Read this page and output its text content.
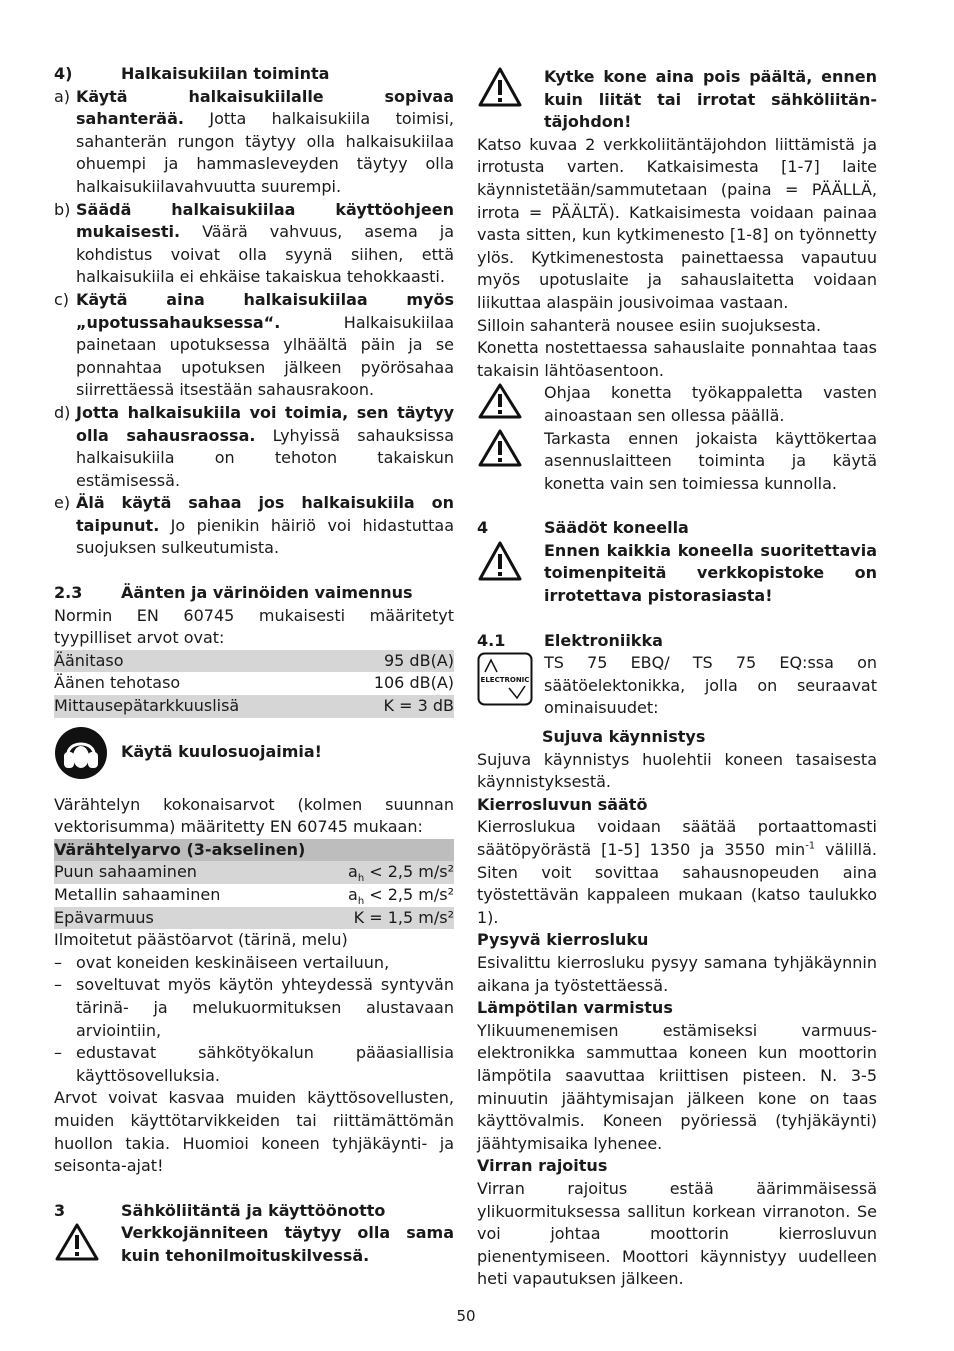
4)	Halkaisukiilan toiminta
a) Käytä halkaisukiilalle sopivaa sahanterää. Jotta halkaisukiila toimisi, sahanterän rungon täytyy olla halkaisukiilaa ohuempi ja hammasleveyden täytyy olla halkaisukiilavahvuutta suurempi.
b) Säädä halkaisukiilaa käyttöohjeen mukaisesti. Väärä vahvuus, asema ja kohdistus voivat olla syynä siihen, että halkaisukiila ei ehkäise takaiskua tehokkaasti.
c) Käytä aina halkaisukiilaa myös „upotussahauksessa“. Halkaisukiilaa painetaan upotuksessa ylhäältä päin ja se ponnahtaa upotuksen jälkeen pyörösahaa siirrettäessä itsestään sahausrakoon.
d) Jotta halkaisukiila voi toimia, sen täytyy olla sahausraossa. Lyhyissä sahauksissa halkaisukiila on tehoton takaiskun estämisessä.
e) Älä käytä sahaa jos halkaisukiila on taipunut. Jo pienikin häiriö voi hidastuttaa suojuksen sulkeutumista.
2.3	Äänten ja värinöiden vaimennus

Normin EN 60745 mukaisesti määritetyt tyypilliset arvot ovat:

Äänitaso	95 dB(A)
Äänen tehotaso	106 dB(A)
Mittausepätarkkuuslisä	K = 3 dB
Käytä kuulosuojaimia!

Värähtelyn kokonaisarvot (kolmen suunnan vektorisumma) määritetty EN 60745 mukaan:

Värähtelyarvo (3-akselinen)
Puun sahaaminen	$a_h < 2,5$ m/s²
Metallin sahaaminen	$a_h < 2,5$ m/s²
Epävarmuus	K = 1,5 m/s²

Ilmoitetut päästöarvot (tärinä, melu)

– ovat koneiden keskinäiseen vertailuun,
– soveltuvat myös käytön yhteydessä syntyvän tärinä- ja melukuormituksen alustavaan arviointiin,
– edustavat sähkötyökalun pääasiallisia käyttösovelluksia.

Arvot voivat kasvaa muiden käyttösovellusten, muiden käyttötarvikkeiden tai riittämättömän huollon takia. Huomioi koneen tyhjäkäynti- ja seisonta-ajat!

3	Sähköliitäntä ja käyttöönotto
Verkkojänniteen täytyy olla sama kuin tehonilmoituskilvessä.
Kytke kone aina pois päältä, ennen kuin liität tai irrotat sähköliitän-täjohdon!

Katso kuvaa 2 verkkoliitäntäjohdon liittämistä ja irrotusta varten. Katkaisimesta [1-7] laite käynnistetään/sammutetaan (paina = PÄÄLLÄ, irrota = PÄÄLTÄ). Katkaisimesta voidaan painaa vasta sitten, kun kytkimenesto [1-8] on työnnetty ylös. Kytkimenestosta painettaessa vapautuu myös upotuslaite ja sahauslaitetta voidaan liikuttaa alaspäin jousivoimaa vastaan.

Silloin sahanterä nousee esiin suojuksesta.

Konetta nostettaessa sahauslaite ponnahtaa taas takaisin lähtöasentoon.

Ohjaa konetta työkappaletta vasten ainoastaan sen ollessa päällä.
Tarkasta ennen jokaista käyttökertaa asennuslaitteen toiminta ja käytä konetta vain sen toimiessa kunnolla.
4	Säädöt koneella
Ennen kaikkia koneella suoritettavia toimenpiteitä verkkopistoke on irrotettava pistorasiasta!
4.1	Elektroniikka
ELECTRONIC
TS 75 EBQ/ TS 75 EQ:ssa on säätöelektonikka, jolla on seuraavat ominaisuudet:
Sujuva käynnistys

Sujuva käynnistys huolehtii koneen tasaisesta käynnistyksestä.

Kierrosluvun säätö

Kierroslukua voidaan säätää portaattomasti säätöpyörästä [1-5] 1350 ja 3550 $\min^{-1}$ välillä. Siten voit sovittaa sahausnopeuden aina työstettävän kappaleen mukaan (katso taulukko 1).

Pysyvä kierrosluku

Esivalittu kierrosluku pysyy samana tyhjäkäynnin aikana ja työstettäessä.

Lämpötilan varmistus

Ylikuumenemisen estämiseksi varmuus-elektronikka sammuttaa koneen kun moottorin lämpötila saavuttaa kriittisen pisteen. N. 3-5 minuutin jäähtymisajan jälkeen kone on taas käyttövalmis. Koneen pyöriessä (tyhjäkäynti) jäähtymisaika lyhenee.

Virran rajoitus

Virran rajoitus estää äärimmäisessä ylikuormituksessa sallitun korkean virranoton. Se voi johtaa moottorin kierrosluvun pienentymiseen. Moottori käynnistyy uudelleen heti vapautuksen jälkeen.

50
